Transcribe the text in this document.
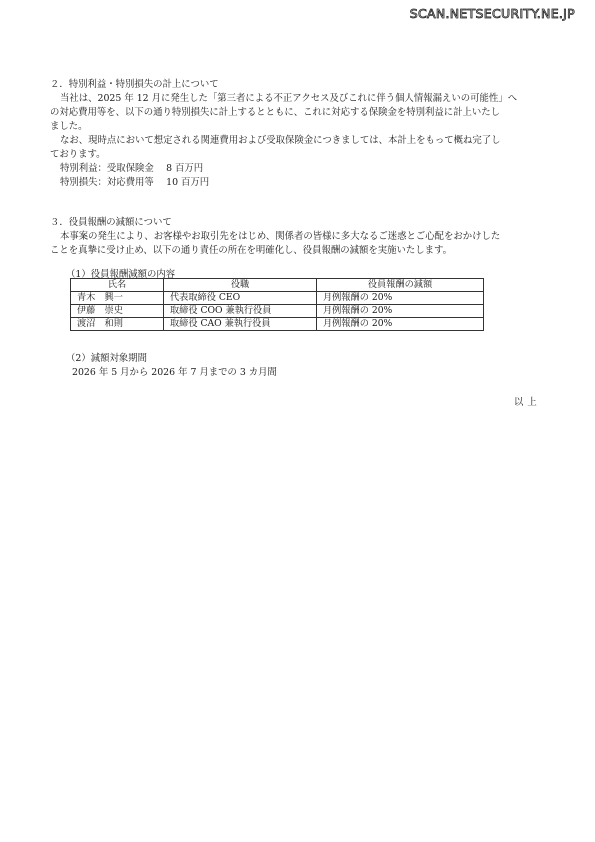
SCAN.NETSECURITY.NE.JP
２．特別利益・特別損失の計上について
当社は、2025 年 12 月に発生した「第三者による不正アクセス及びこれに伴う個人情報漏えいの可能性」へ
の対応費用等を、以下の通り特別損失に計上するとともに、これに対応する保険金を特別利益に計上いたし
ました。
なお、現時点において想定される関連費用および受取保険金につきましては、本計上をもって概ね完了し
ております。
特別利益：受取保険金　 8 百万円
特別損失：対応費用等　 10 百万円
３．役員報酬の減額について
本事案の発生により、お客様やお取引先をはじめ、関係者の皆様に多大なるご迷惑とご心配をおかけした
ことを真摯に受け止め、以下の通り責任の所在を明確化し、役員報酬の減額を実施いたします。
（1）役員報酬減額の内容
氏名	役職	役員報酬の減額
青木　興一	代表取締役 CEO	月例報酬の 20%
伊藤　崇史	取締役 COO 兼執行役員	月例報酬の 20%
渡沼　和則	取締役 CAO 兼執行役員	月例報酬の 20%
（2）減額対象期間
2026 年 5 月から 2026 年 7 月までの 3 カ月間
以上
